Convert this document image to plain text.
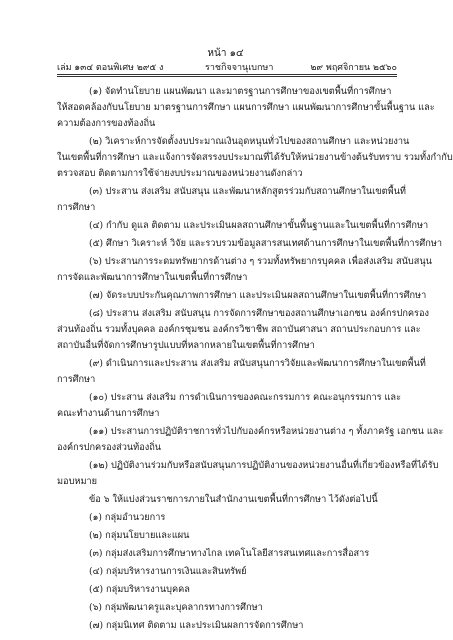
หน้า ๑๔
เล่ม ๑๓๔ ตอนพิเศษ ๒๙๕ ง	ราชกิจจานุเบกษา	๒๙ พฤศจิกายน ๒๕๖๐
(๑) จัดทำนโยบาย แผนพัฒนา และมาตรฐานการศึกษาของเขตพื้นที่การศึกษา
ให้สอดคล้องกับนโยบาย มาตรฐานการศึกษา แผนการศึกษา แผนพัฒนาการศึกษาขั้นพื้นฐาน และ
ความต้องการของท้องถิ่น
(๒) วิเคราะห์การจัดตั้งงบประมาณเงินอุดหนุนทั่วไปของสถานศึกษา และหน่วยงาน
ในเขตพื้นที่การศึกษา และแจ้งการจัดสรรงบประมาณที่ได้รับให้หน่วยงานข้างต้นรับทราบ รวมทั้งกำกับ
ตรวจสอบ ติดตามการใช้จ่ายงบประมาณของหน่วยงานดังกล่าว
(๓) ประสาน ส่งเสริม สนับสนุน และพัฒนาหลักสูตรร่วมกับสถานศึกษาในเขตพื้นที่
การศึกษา
(๔) กำกับ ดูแล ติดตาม และประเมินผลสถานศึกษาขั้นพื้นฐานและในเขตพื้นที่การศึกษา
(๕) ศึกษา วิเคราะห์ วิจัย และรวบรวมข้อมูลสารสนเทศด้านการศึกษาในเขตพื้นที่การศึกษา
(๖) ประสานการระดมทรัพยากรด้านต่าง ๆ รวมทั้งทรัพยากรบุคคล เพื่อส่งเสริม สนับสนุน
การจัดและพัฒนาการศึกษาในเขตพื้นที่การศึกษา
(๗) จัดระบบประกันคุณภาพการศึกษา และประเมินผลสถานศึกษาในเขตพื้นที่การศึกษา
(๘) ประสาน ส่งเสริม สนับสนุน การจัดการศึกษาของสถานศึกษาเอกชน องค์กรปกครอง
ส่วนท้องถิ่น รวมทั้งบุคคล องค์กรชุมชน องค์กรวิชาชีพ สถาบันศาสนา สถานประกอบการ และ
สถาบันอื่นที่จัดการศึกษารูปแบบที่หลากหลายในเขตพื้นที่การศึกษา
(๙) ดำเนินการและประสาน ส่งเสริม สนับสนุนการวิจัยและพัฒนาการศึกษาในเขตพื้นที่
การศึกษา
(๑๐) ประสาน ส่งเสริม การดำเนินการของคณะกรรมการ คณะอนุกรรมการ และ
คณะทำงานด้านการศึกษา
(๑๑) ประสานการปฏิบัติราชการทั่วไปกับองค์กรหรือหน่วยงานต่าง ๆ ทั้งภาครัฐ เอกชน และ
องค์กรปกครองส่วนท้องถิ่น
(๑๒) ปฏิบัติงานร่วมกับหรือสนับสนุนการปฏิบัติงานของหน่วยงานอื่นที่เกี่ยวข้องหรือที่ได้รับ
มอบหมาย
ข้อ ๖ ให้แบ่งส่วนราชการภายในสำนักงานเขตพื้นที่การศึกษา ไว้ดังต่อไปนี้
(๑) กลุ่มอำนวยการ
(๒) กลุ่มนโยบายและแผน
(๓) กลุ่มส่งเสริมการศึกษาทางไกล เทคโนโลยีสารสนเทศและการสื่อสาร
(๔) กลุ่มบริหารงานการเงินและสินทรัพย์
(๕) กลุ่มบริหารงานบุคคล
(๖) กลุ่มพัฒนาครูและบุคลากรทางการศึกษา
(๗) กลุ่มนิเทศ ติดตาม และประเมินผลการจัดการศึกษา
